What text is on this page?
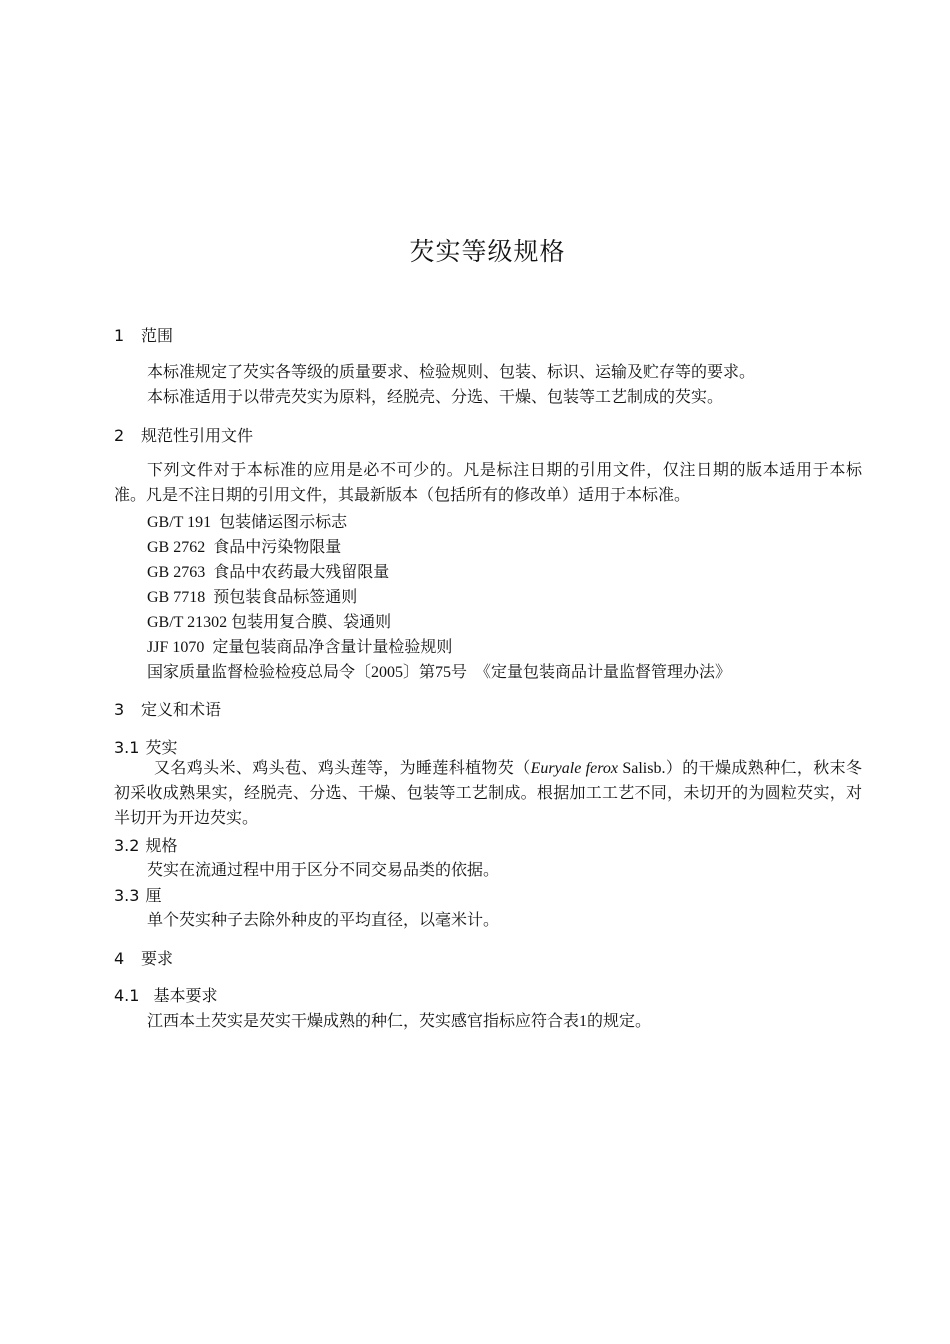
芡实等级规格
1 范围
本标准规定了芡实各等级的质量要求、检验规则、包装、标识、运输及贮存等的要求。
本标准适用于以带壳芡实为原料，经脱壳、分选、干燥、包装等工艺制成的芡实。
2 规范性引用文件
下列文件对于本标准的应用是必不可少的。凡是标注日期的引用文件，仅注日期的版本适用于本标准。凡是不注日期的引用文件，其最新版本（包括所有的修改单）适用于本标准。
GB/T 191 包装储运图示标志
GB 2762 食品中污染物限量
GB 2763 食品中农药最大残留限量
GB 7718 预包装食品标签通则
GB/T 21302 包装用复合膜、袋通则
JJF 1070 定量包装商品净含量计量检验规则
国家质量监督检验检疫总局令〔2005〕第75号 《定量包装商品计量监督管理办法》
3 定义和术语
3.1 芡实
又名鸡头米、鸡头苞、鸡头莲等，为睡莲科植物芡（Euryale ferox Salisb.）的干燥成熟种仁，秋末冬初采收成熟果实，经脱壳、分选、干燥、包装等工艺制成。根据加工工艺不同，未切开的为圆粒芡实，对半切开为开边芡实。
3.2 规格
芡实在流通过程中用于区分不同交易品类的依据。
3.3 厘
单个芡实种子去除外种皮的平均直径，以毫米计。
4 要求
4.1 基本要求
江西本土芡实是芡实干燥成熟的种仁，芡实感官指标应符合表1的规定。
